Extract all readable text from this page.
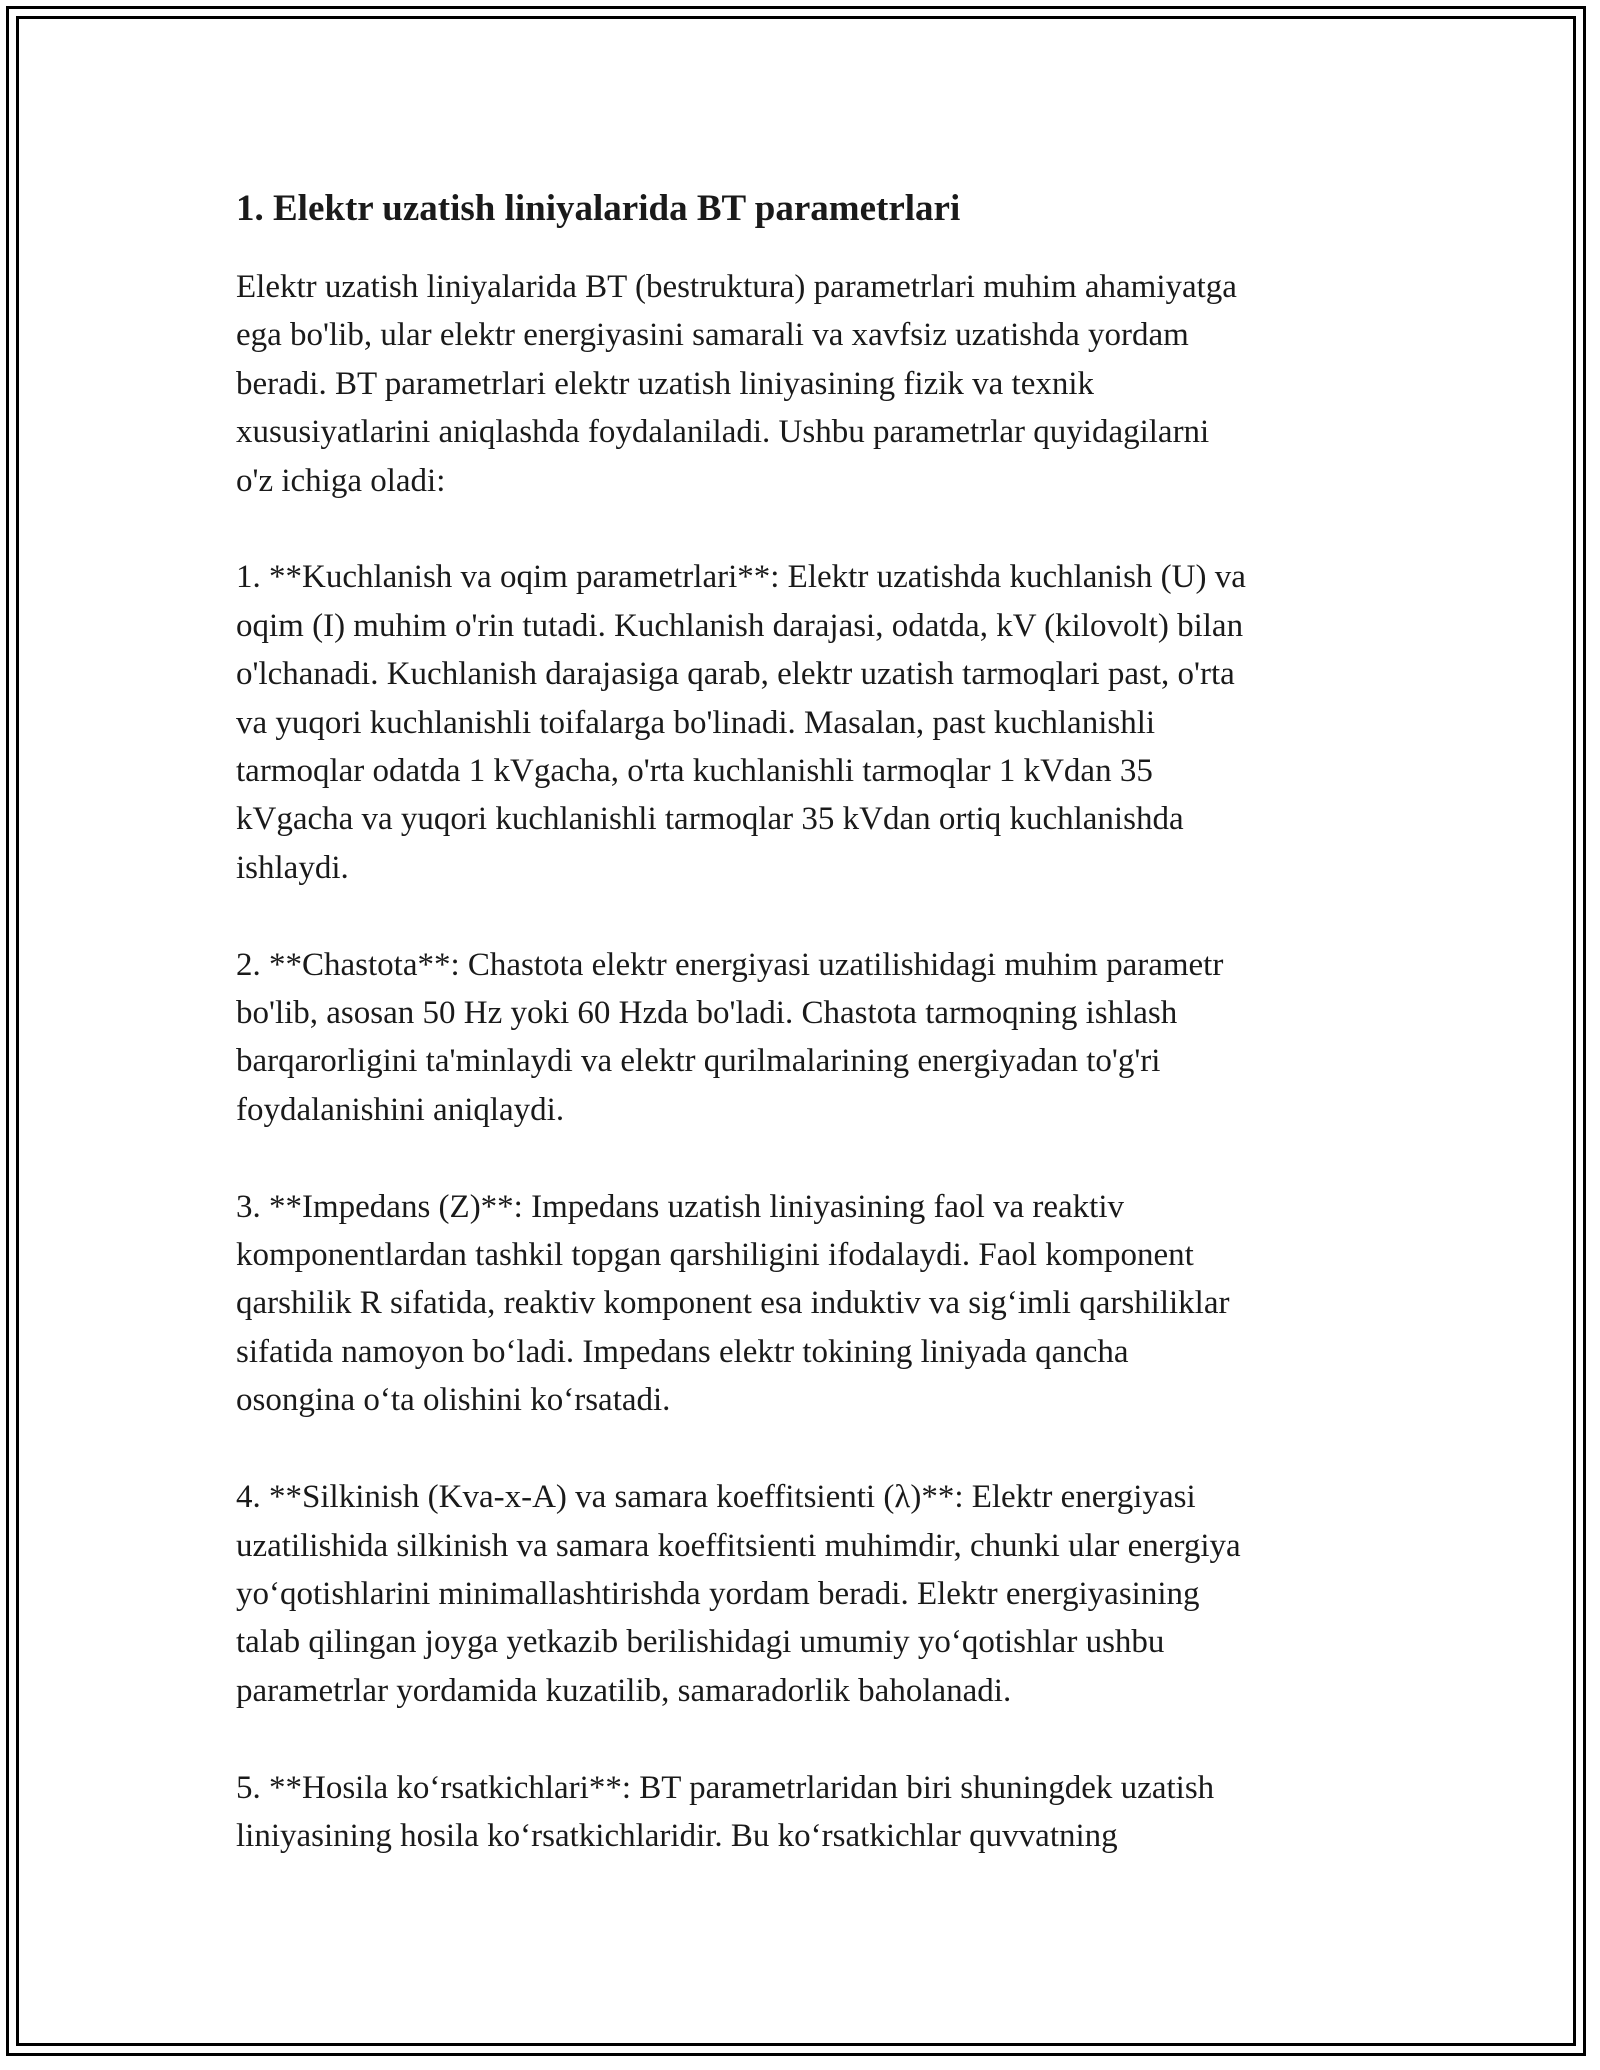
1. Elektr uzatish liniyalarida BT parametrlari

Elektr uzatish liniyalarida BT (bestruktura) parametrlari muhim ahamiyatga
ega bo'lib, ular elektr energiyasini samarali va xavfsiz uzatishda yordam
beradi. BT parametrlari elektr uzatish liniyasining fizik va texnik
xususiyatlarini aniqlashda foydalaniladi. Ushbu parametrlar quyidagilarni
o'z ichiga oladi:

1. **Kuchlanish va oqim parametrlari**: Elektr uzatishda kuchlanish (U) va
oqim (I) muhim o'rin tutadi. Kuchlanish darajasi, odatda, kV (kilovolt) bilan
o'lchanadi. Kuchlanish darajasiga qarab, elektr uzatish tarmoqlari past, o'rta
va yuqori kuchlanishli toifalarga bo'linadi. Masalan, past kuchlanishli
tarmoqlar odatda 1 kVgacha, o'rta kuchlanishli tarmoqlar 1 kVdan 35
kVgacha va yuqori kuchlanishli tarmoqlar 35 kVdan ortiq kuchlanishda
ishlaydi.

2. **Chastota**: Chastota elektr energiyasi uzatilishidagi muhim parametr
bo'lib, asosan 50 Hz yoki 60 Hzda bo'ladi. Chastota tarmoqning ishlash
barqarorligini ta'minlaydi va elektr qurilmalarining energiyadan to'g'ri
foydalanishini aniqlaydi.

3. **Impedans (Z)**: Impedans uzatish liniyasining faol va reaktiv
komponentlardan tashkil topgan qarshiligini ifodalaydi. Faol komponent
qarshilik R sifatida, reaktiv komponent esa induktiv va sig‘imli qarshiliklar
sifatida namoyon bo‘ladi. Impedans elektr tokining liniyada qancha
osongina o‘ta olishini ko‘rsatadi.

4. **Silkinish (Kva-x-A) va samara koeffitsienti (λ)**: Elektr energiyasi
uzatilishida silkinish va samara koeffitsienti muhimdir, chunki ular energiya
yo‘qotishlarini minimallashtirishda yordam beradi. Elektr energiyasining
talab qilingan joyga yetkazib berilishidagi umumiy yo‘qotishlar ushbu
parametrlar yordamida kuzatilib, samaradorlik baholanadi.

5. **Hosila ko‘rsatkichlari**: BT parametrlaridan biri shuningdek uzatish
liniyasining hosila ko‘rsatkichlaridir. Bu ko‘rsatkichlar quvvatning
